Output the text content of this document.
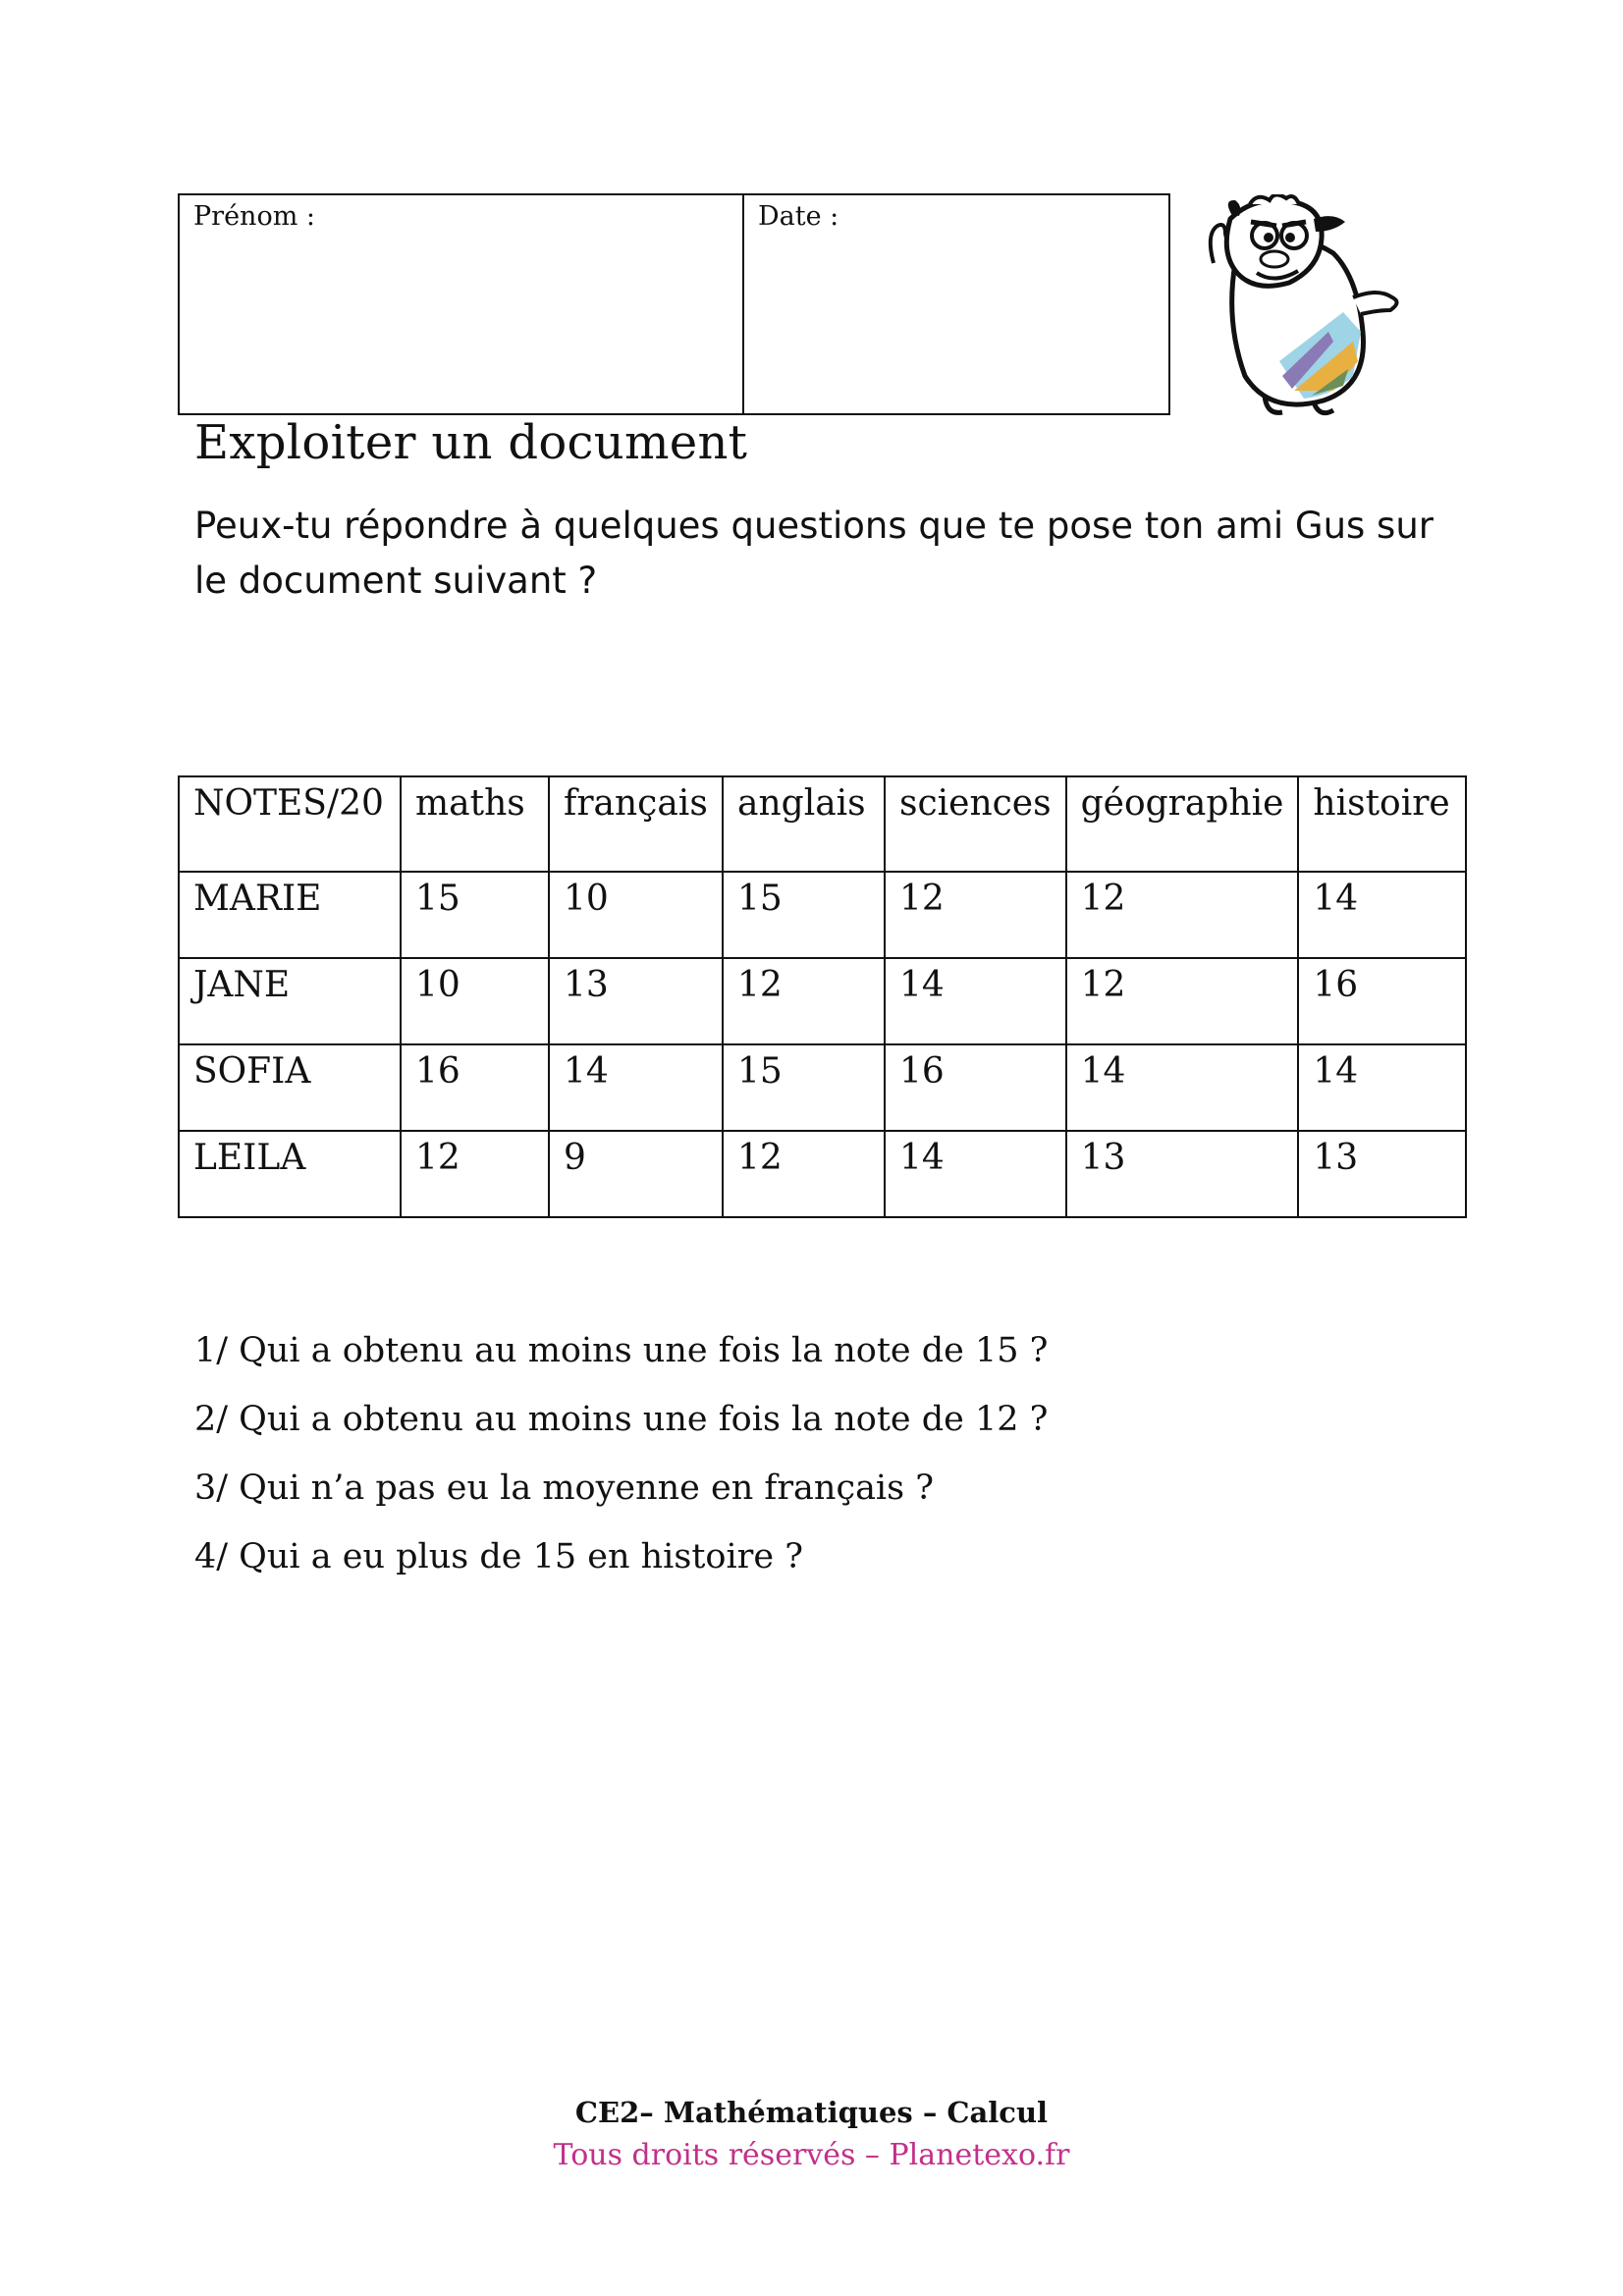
Prénom :	Date :
Exploiter un document

Peux-tu répondre à quelques questions que te pose ton ami Gus sur le document suivant ?

NOTES/20	maths	français	anglais	sciences	géographie	histoire
MARIE	15	10	15	12	12	14
JANE	10	13	12	14	12	16
SOFIA	16	14	15	16	14	14
LEILA	12	9	12	14	13	13
1/ Qui a obtenu au moins une fois la note de 15 ?
2/ Qui a obtenu au moins une fois la note de 12 ?
3/ Qui n’a pas eu la moyenne en français ?
4/ Qui a eu plus de 15 en histoire ?
CE2– Mathématiques – Calcul
Tous droits réservés – Planetexo.fr
